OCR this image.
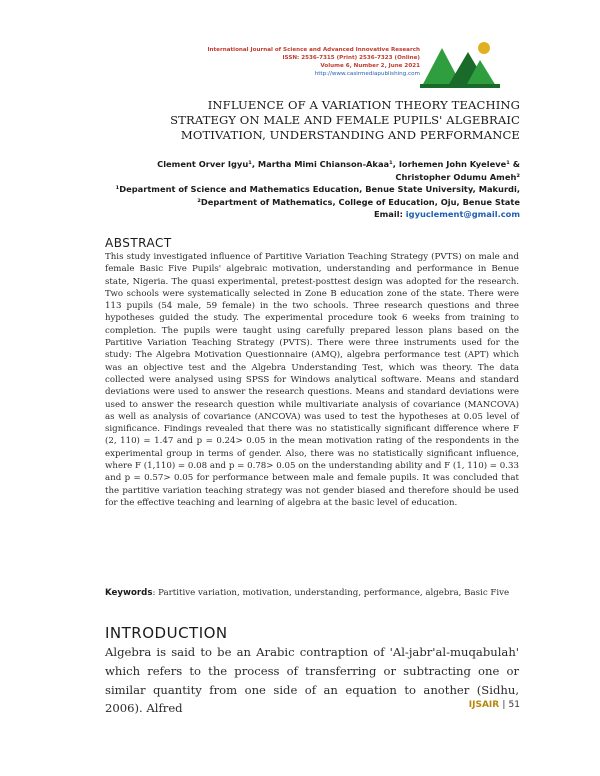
International Journal of Science and Advanced Innovative Research
ISSN: 2536-7315 (Print) 2536-7323 (Online)
Volume 6, Number 2, June 2021
http://www.casirmediapublishing.com
INFLUENCE OF A VARIATION THEORY TEACHING
STRATEGY ON MALE AND FEMALE PUPILS' ALGEBRAIC
MOTIVATION, UNDERSTANDING AND PERFORMANCE
Clement Orver Igyu¹, Martha Mimi Chianson-Akaa¹, Iorhemen John Kyeleve¹ &
Christopher Odumu Ameh²
¹Department of Science and Mathematics Education, Benue State University, Makurdi,
²Department of Mathematics, College of Education, Oju, Benue State
Email: igyuclement@gmail.com
ABSTRACT
This study investigated influence of Partitive Variation Teaching Strategy (PVTS) on male and female Basic Five Pupils' algebraic motivation, understanding and performance in Benue state, Nigeria. The quasi experimental, pretest-posttest design was adopted for the research. Two schools were systematically selected in Zone B education zone of the state. There were 113 pupils (54 male, 59 female) in the two schools. Three research questions and three hypotheses guided the study. The experimental procedure took 6 weeks from training to completion. The pupils were taught using carefully prepared lesson plans based on the Partitive Variation Teaching Strategy (PVTS). There were three instruments used for the study: The Algebra Motivation Questionnaire (AMQ), algebra performance test (APT) which was an objective test and the Algebra Understanding Test, which was theory. The data collected were analysed using SPSS for Windows analytical software. Means and standard deviations were used to answer the research questions. Means and standard deviations were used to answer the research question while multivariate analysis of covariance (MANCOVA) as well as analysis of covariance (ANCOVA) was used to test the hypotheses at 0.05 level of significance. Findings revealed that there was no statistically significant difference where F (2, 110) = 1.47 and p = 0.24> 0.05 in the mean motivation rating of the respondents in the experimental group in terms of gender. Also, there was no statistically significant influence, where F (1,110) = 0.08 and p = 0.78> 0.05 on the understanding ability and F (1, 110) = 0.33 and p = 0.57> 0.05 for performance between male and female pupils. It was concluded that the partitive variation teaching strategy was not gender biased and therefore should be used for the effective teaching and learning of algebra at the basic level of education.
Keywords: Partitive variation, motivation, understanding, performance, algebra, Basic Five
INTRODUCTION
Algebra is said to be an Arabic contraption of 'Al-jabr'al-muqabulah' which refers to the process of transferring or subtracting one or similar quantity from one side of an equation to another (Sidhu, 2006). Alfred	IJSAIR | 51
